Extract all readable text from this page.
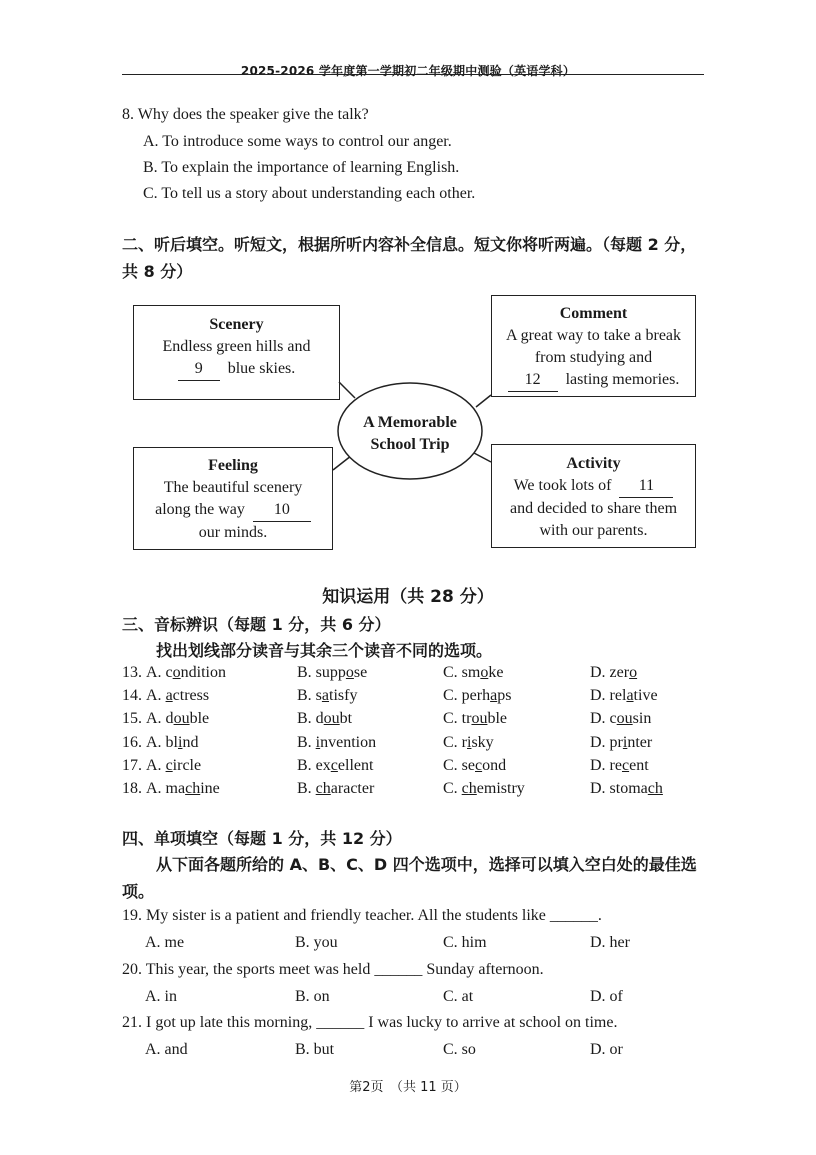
2025-2026 学年度第一学期初二年级期中测验（英语学科）
8. Why does the speaker give the talk?
A. To introduce some ways to control our anger.
B. To explain the importance of learning English.
C. To tell us a story about understanding each other.
二、听后填空。听短文，根据所听内容补全信息。短文你将听两遍。（每题 2 分，
共 8 分）
A Memorable
School Trip
Scenery
Endless green hills and
9 blue skies.
Comment
A great way to take a break
from studying and
12 lasting memories.
Feeling
The beautiful scenery
along the way 10
our minds.
Activity
We took lots of 11
and decided to share them
with our parents.
知识运用（共 28 分）
三、音标辨识（每题 1 分，共 6 分）
找出划线部分读音与其余三个读音不同的选项。
13. A. condition	B. suppose	C. smoke	D. zero
14. A. actress	B. satisfy	C. perhaps	D. relative
15. A. double	B. doubt	C. trouble	D. cousin
16. A. blind	B. invention	C. risky	D. printer
17. A. circle	B. excellent	C. second	D. recent
18. A. machine	B. character	C. chemistry	D. stomach
四、单项填空（每题 1 分，共 12 分）
从下面各题所给的 A、B、C、D 四个选项中，选择可以填入空白处的最佳选
项。
19. My sister is a patient and friendly teacher. All the students like ______.
A. me	B. you	C. him	D. her
20. This year, the sports meet was held ______ Sunday afternoon.
A. in	B. on	C. at	D. of
21. I got up late this morning, ______ I was lucky to arrive at school on time.
A. and	B. but	C. so	D. or
第2页　（共 11 页）
